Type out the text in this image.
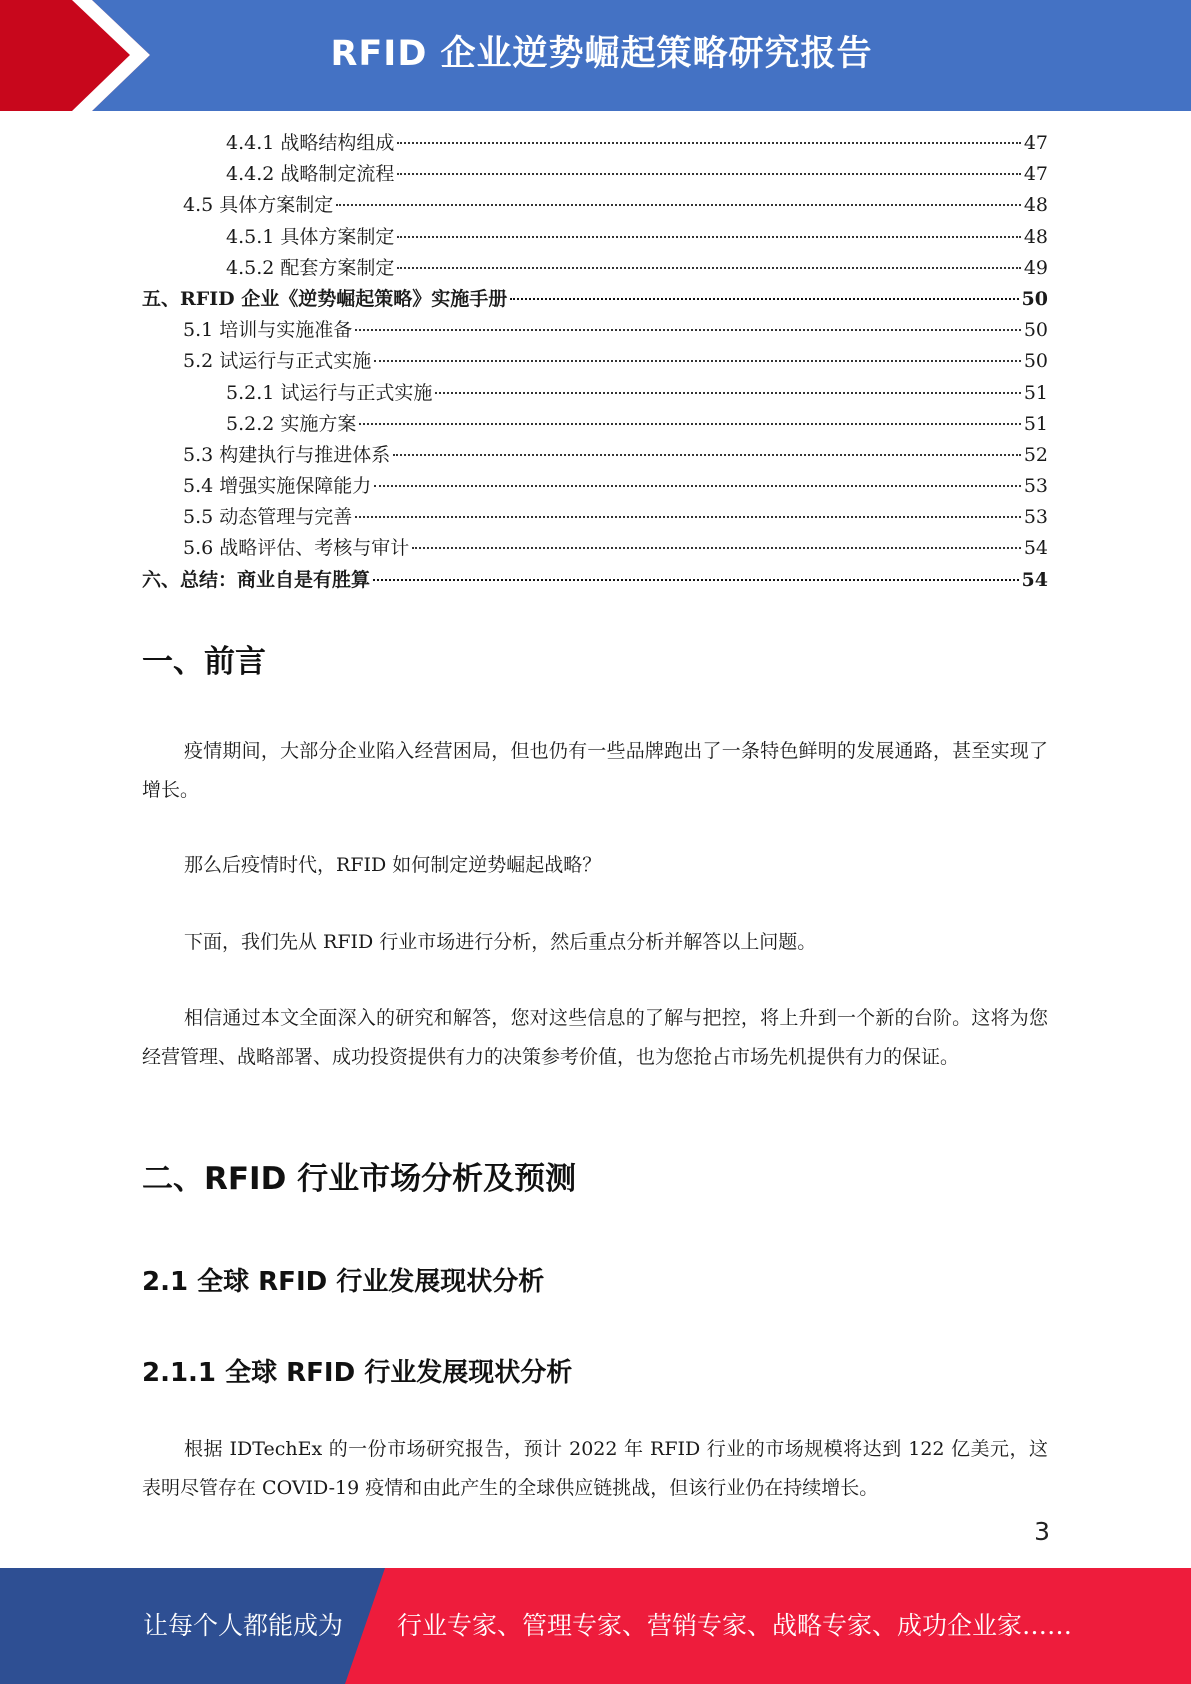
RFID 企业逆势崛起策略研究报告
4.4.1 战略结构组成	47
4.4.2 战略制定流程	47
4.5 具体方案制定	48
4.5.1 具体方案制定	48
4.5.2 配套方案制定	49
五、RFID 企业《逆势崛起策略》实施手册	50
5.1 培训与实施准备	50
5.2 试运行与正式实施	50
5.2.1 试运行与正式实施	51
5.2.2 实施方案	51
5.3 构建执行与推进体系	52
5.4 增强实施保障能力	53
5.5 动态管理与完善	53
5.6 战略评估、考核与审计	54
六、总结：商业自是有胜算	54
一、前言

疫情期间，大部分企业陷入经营困局，但也仍有一些品牌跑出了一条特色鲜明的发展通路，甚至实现了增长。

那么后疫情时代，RFID 如何制定逆势崛起战略？

下面，我们先从 RFID 行业市场进行分析，然后重点分析并解答以上问题。

相信通过本文全面深入的研究和解答，您对这些信息的了解与把控，将上升到一个新的台阶。这将为您经营管理、战略部署、成功投资提供有力的决策参考价值，也为您抢占市场先机提供有力的保证。

二、RFID 行业市场分析及预测
2.1 全球 RFID 行业发展现状分析
2.1.1 全球 RFID 行业发展现状分析

根据 IDTechEx 的一份市场研究报告，预计 2022 年 RFID 行业的市场规模将达到 122 亿美元，这表明尽管存在 COVID-19 疫情和由此产生的全球供应链挑战，但该行业仍在持续增长。

3
让每个人都能成为 行业专家、管理专家、营销专家、战略专家、成功企业家……
